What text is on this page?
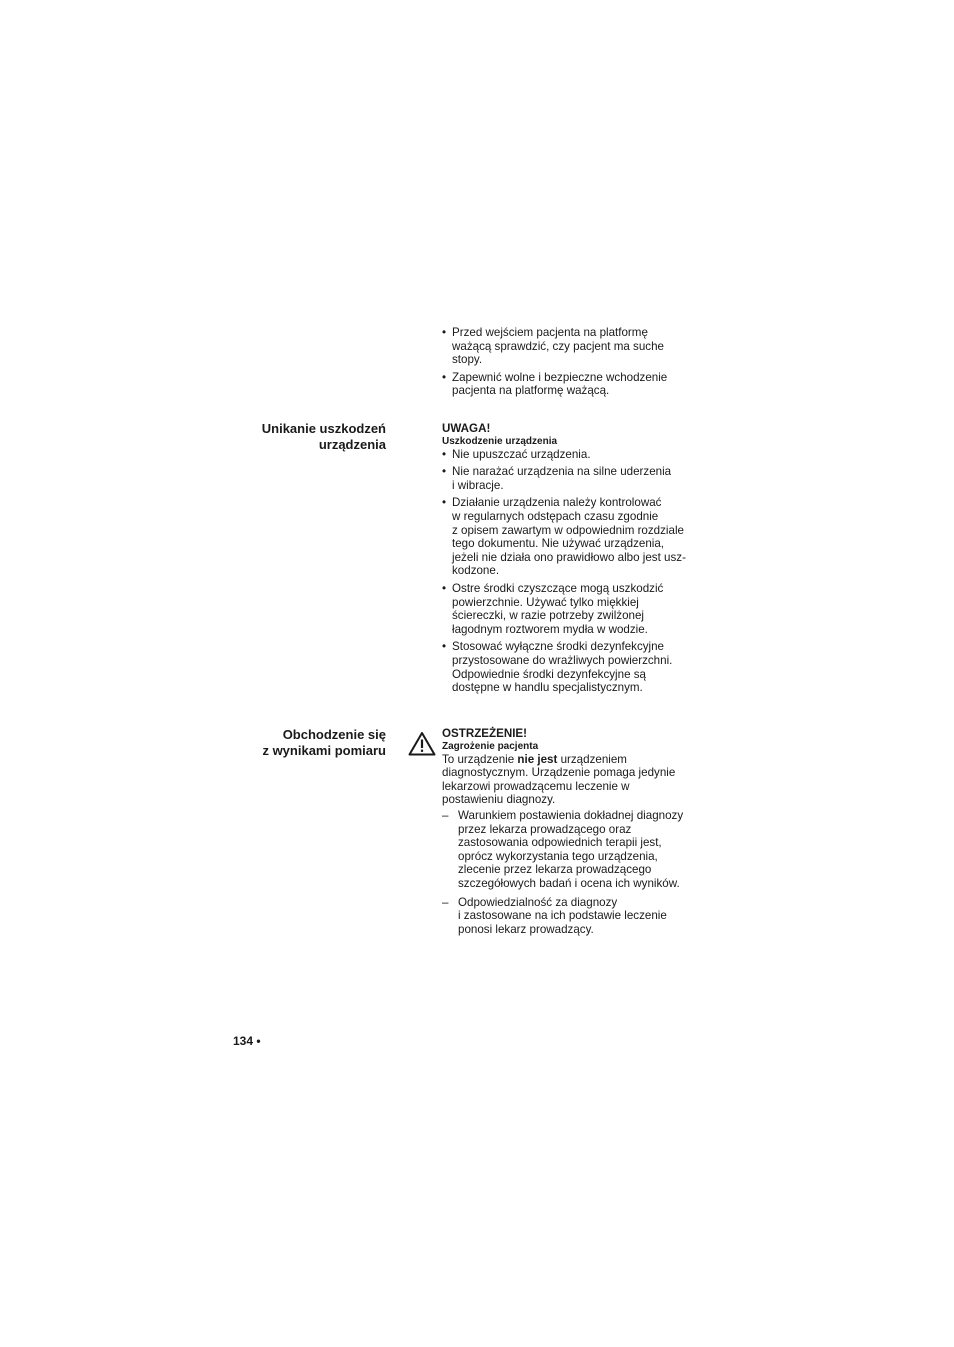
• Przed wejściem pacjenta na platformę
ważącą sprawdzić, czy pacjent ma suche
stopy.
• Zapewnić wolne i bezpieczne wchodzenie
pacjenta na platformę ważącą.
Unikanie uszkodzeń
urządzenia
UWAGA!
Uszkodzenie urządzenia
• Nie upuszczać urządzenia.
• Nie narażać urządzenia na silne uderzenia
i wibracje.
• Działanie urządzenia należy kontrolować
w regularnych odstępach czasu zgodnie
z opisem zawartym w odpowiednim rozdziale
tego dokumentu. Nie używać urządzenia,
jeżeli nie działa ono prawidłowo albo jest usz-
kodzone.
• Ostre środki czyszczące mogą uszkodzić
powierzchnie. Używać tylko miękkiej
ściereczki, w razie potrzeby zwilżonej
łagodnym roztworem mydła w wodzie.
• Stosować wyłączne środki dezynfekcyjne
przystosowane do wrażliwych powierzchni.
Odpowiednie środki dezynfekcyjne są
dostępne w handlu specjalistycznym.
Obchodzenie się
z wynikami pomiaru
OSTRZEŻENIE!
Zagrożenie pacjenta
To urządzenie nie jest urządzeniem
diagnostycznym. Urządzenie pomaga jedynie
lekarzowi prowadzącemu leczenie w
postawieniu diagnozy.
– Warunkiem postawienia dokładnej diagnozy
przez lekarza prowadzącego oraz
zastosowania odpowiednich terapii jest,
oprócz wykorzystania tego urządzenia,
zlecenie przez lekarza prowadzącego
szczegółowych badań i ocena ich wyników.
– Odpowiedzialność za diagnozy
i zastosowane na ich podstawie leczenie
ponosi lekarz prowadzący.
134 •
